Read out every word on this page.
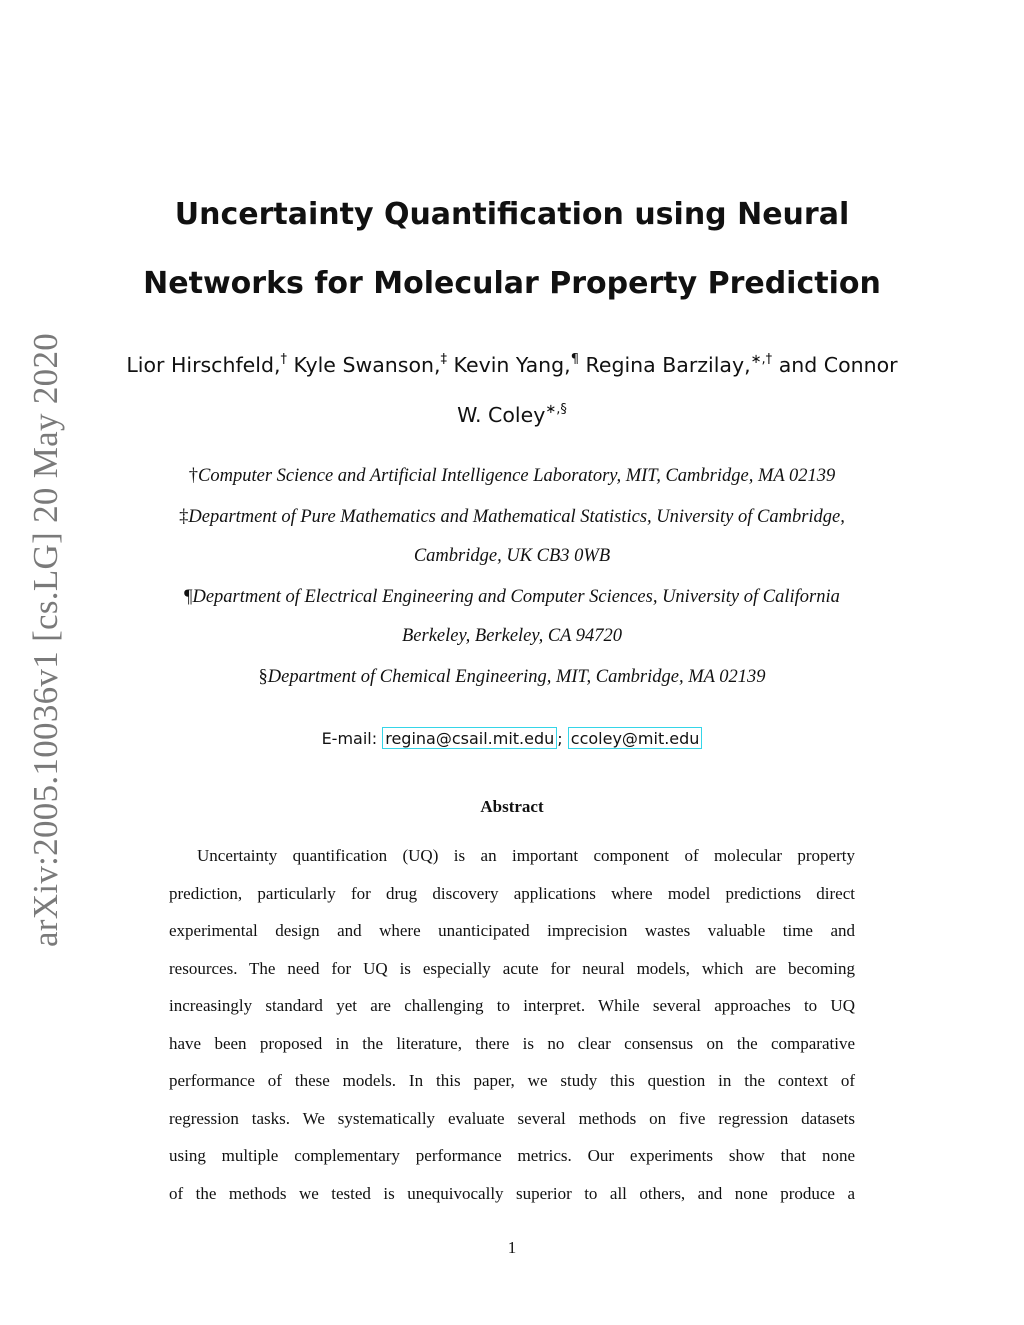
arXiv:2005.10036v1 [cs.LG] 20 May 2020
Uncertainty Quantification using Neural
Networks for Molecular Property Prediction
Lior Hirschfeld,† Kyle Swanson,‡ Kevin Yang,¶ Regina Barzilay,∗,† and Connor
W. Coley∗,§
†Computer Science and Artificial Intelligence Laboratory, MIT, Cambridge, MA 02139
‡Department of Pure Mathematics and Mathematical Statistics, University of Cambridge,
Cambridge, UK CB3 0WB
¶Department of Electrical Engineering and Computer Sciences, University of California
Berkeley, Berkeley, CA 94720
§Department of Chemical Engineering, MIT, Cambridge, MA 02139
E-mail: regina@csail.mit.edu ; ccoley@mit.edu
Abstract
Uncertainty quantification (UQ) is an important component of molecular property
prediction, particularly for drug discovery applications where model predictions direct
experimental design and where unanticipated imprecision wastes valuable time and
resources. The need for UQ is especially acute for neural models, which are becoming
increasingly standard yet are challenging to interpret. While several approaches to UQ
have been proposed in the literature, there is no clear consensus on the comparative
performance of these models. In this paper, we study this question in the context of
regression tasks. We systematically evaluate several methods on five regression datasets
using multiple complementary performance metrics. Our experiments show that none
of the methods we tested is unequivocally superior to all others, and none produce a
1
